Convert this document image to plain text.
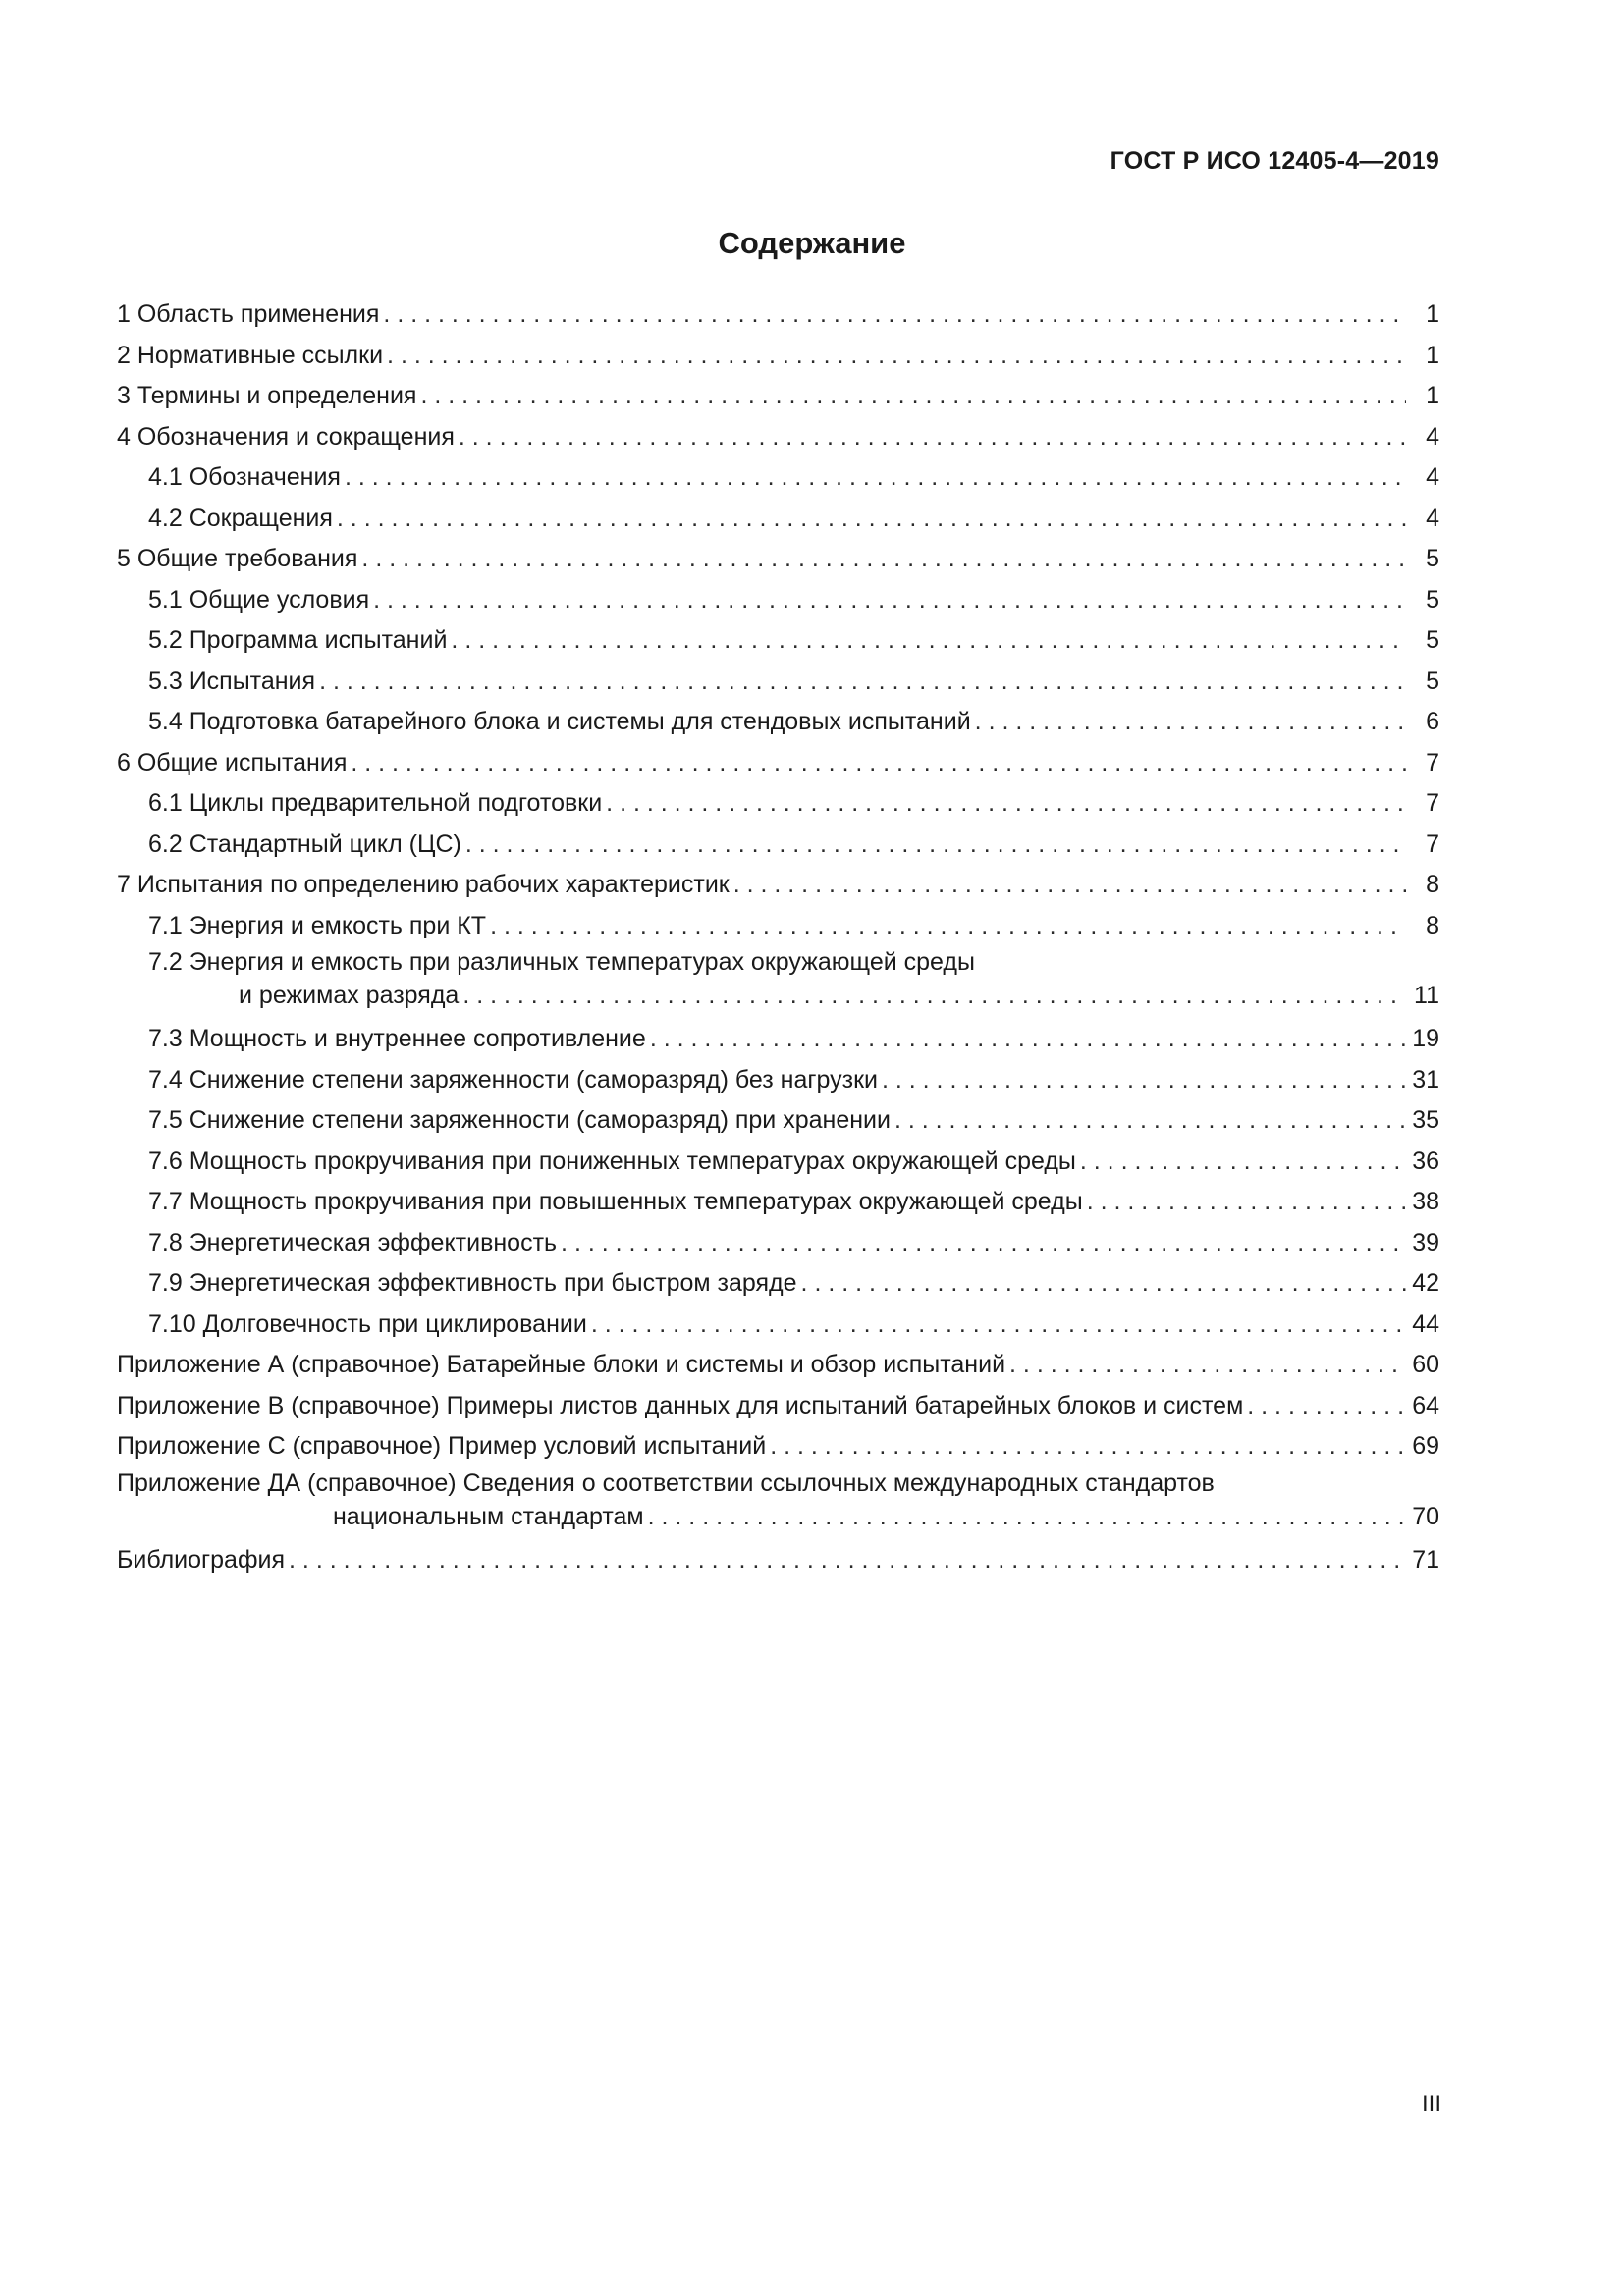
ГОСТ Р ИСО 12405-4—2019
Содержание
1 Область применения . . .	1
2 Нормативные ссылки . . .	1
3 Термины и определения . . .	1
4 Обозначения и сокращения . . .	4
4.1 Обозначения . . .	4
4.2 Сокращения . . .	4
5 Общие требования . . .	5
5.1 Общие условия . . .	5
5.2 Программа испытаний . . .	5
5.3 Испытания . . .	5
5.4 Подготовка батарейного блока и системы для стендовых испытаний . . .	6
6 Общие испытания . . .	7
6.1 Циклы предварительной подготовки . . .	7
6.2 Стандартный цикл (ЦС) . . .	7
7 Испытания по определению рабочих характеристик . . .	8
7.1 Энергия и емкость при КТ . . .	8
7.2 Энергия и емкость при различных температурах окружающей среды
и режимах разряда . . .	11
7.3 Мощность и внутреннее сопротивление . . .	19
7.4 Снижение степени заряженности (саморазряд) без нагрузки . . .	31
7.5 Снижение степени заряженности (саморазряд) при хранении . . .	35
7.6 Мощность прокручивания при пониженных температурах окружающей среды . . .	36
7.7 Мощность прокручивания при повышенных температурах окружающей среды . . .	38
7.8 Энергетическая эффективность . . .	39
7.9 Энергетическая эффективность при быстром заряде . . .	42
7.10 Долговечность при циклировании . . .	44
Приложение А (справочное) Батарейные блоки и системы и обзор испытаний . . .	60
Приложение В (справочное) Примеры листов данных для испытаний батарейных блоков и систем . . .	64
Приложение С (справочное) Пример условий испытаний . . .	69
Приложение ДА (справочное) Сведения о соответствии ссылочных международных стандартов
национальным стандартам . . .	70
Библиография . . .	71
III
